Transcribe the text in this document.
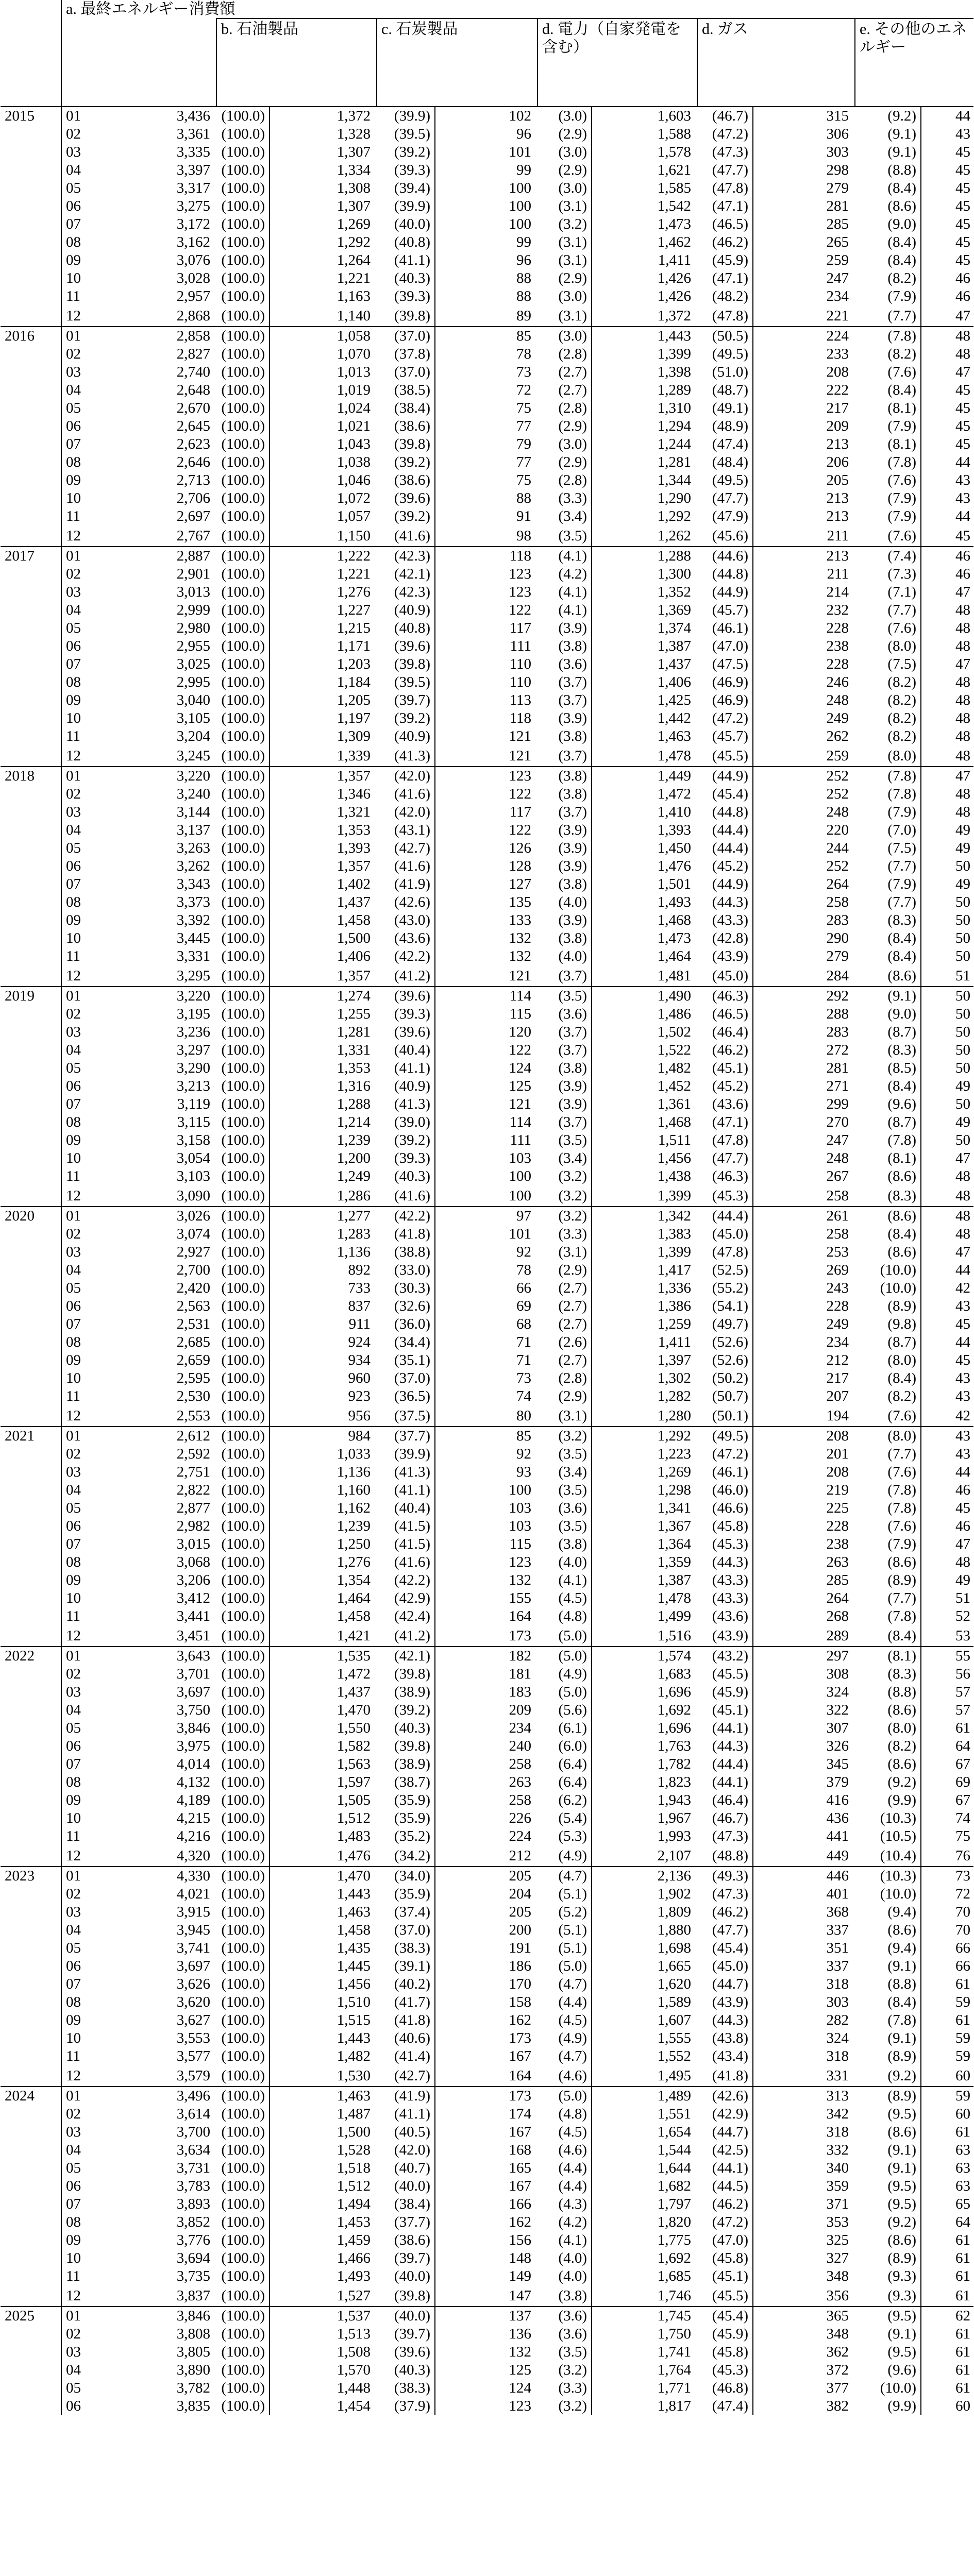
	a. 最終エネルギー消費額											
			b. 石油製品		c. 石炭製品		d. 電力（自家発電を含む）		d. ガス		e. その他のエネルギー	
2015	01	3,436	(100.0)	1,372	(39.9)	102	(3.0)	1,603	(46.7)	315	(9.2)	44
	02	3,361	(100.0)	1,328	(39.5)	96	(2.9)	1,588	(47.2)	306	(9.1)	43
	03	3,335	(100.0)	1,307	(39.2)	101	(3.0)	1,578	(47.3)	303	(9.1)	45
	04	3,397	(100.0)	1,334	(39.3)	99	(2.9)	1,621	(47.7)	298	(8.8)	45
	05	3,317	(100.0)	1,308	(39.4)	100	(3.0)	1,585	(47.8)	279	(8.4)	45
	06	3,275	(100.0)	1,307	(39.9)	100	(3.1)	1,542	(47.1)	281	(8.6)	45
	07	3,172	(100.0)	1,269	(40.0)	100	(3.2)	1,473	(46.5)	285	(9.0)	45
	08	3,162	(100.0)	1,292	(40.8)	99	(3.1)	1,462	(46.2)	265	(8.4)	45
	09	3,076	(100.0)	1,264	(41.1)	96	(3.1)	1,411	(45.9)	259	(8.4)	45
	10	3,028	(100.0)	1,221	(40.3)	88	(2.9)	1,426	(47.1)	247	(8.2)	46
	11	2,957	(100.0)	1,163	(39.3)	88	(3.0)	1,426	(48.2)	234	(7.9)	46
	12	2,868	(100.0)	1,140	(39.8)	89	(3.1)	1,372	(47.8)	221	(7.7)	47
2016	01	2,858	(100.0)	1,058	(37.0)	85	(3.0)	1,443	(50.5)	224	(7.8)	48
	02	2,827	(100.0)	1,070	(37.8)	78	(2.8)	1,399	(49.5)	233	(8.2)	48
	03	2,740	(100.0)	1,013	(37.0)	73	(2.7)	1,398	(51.0)	208	(7.6)	47
	04	2,648	(100.0)	1,019	(38.5)	72	(2.7)	1,289	(48.7)	222	(8.4)	45
	05	2,670	(100.0)	1,024	(38.4)	75	(2.8)	1,310	(49.1)	217	(8.1)	45
	06	2,645	(100.0)	1,021	(38.6)	77	(2.9)	1,294	(48.9)	209	(7.9)	45
	07	2,623	(100.0)	1,043	(39.8)	79	(3.0)	1,244	(47.4)	213	(8.1)	45
	08	2,646	(100.0)	1,038	(39.2)	77	(2.9)	1,281	(48.4)	206	(7.8)	44
	09	2,713	(100.0)	1,046	(38.6)	75	(2.8)	1,344	(49.5)	205	(7.6)	43
	10	2,706	(100.0)	1,072	(39.6)	88	(3.3)	1,290	(47.7)	213	(7.9)	43
	11	2,697	(100.0)	1,057	(39.2)	91	(3.4)	1,292	(47.9)	213	(7.9)	44
	12	2,767	(100.0)	1,150	(41.6)	98	(3.5)	1,262	(45.6)	211	(7.6)	45
2017	01	2,887	(100.0)	1,222	(42.3)	118	(4.1)	1,288	(44.6)	213	(7.4)	46
	02	2,901	(100.0)	1,221	(42.1)	123	(4.2)	1,300	(44.8)	211	(7.3)	46
	03	3,013	(100.0)	1,276	(42.3)	123	(4.1)	1,352	(44.9)	214	(7.1)	47
	04	2,999	(100.0)	1,227	(40.9)	122	(4.1)	1,369	(45.7)	232	(7.7)	48
	05	2,980	(100.0)	1,215	(40.8)	117	(3.9)	1,374	(46.1)	228	(7.6)	48
	06	2,955	(100.0)	1,171	(39.6)	111	(3.8)	1,387	(47.0)	238	(8.0)	48
	07	3,025	(100.0)	1,203	(39.8)	110	(3.6)	1,437	(47.5)	228	(7.5)	47
	08	2,995	(100.0)	1,184	(39.5)	110	(3.7)	1,406	(46.9)	246	(8.2)	48
	09	3,040	(100.0)	1,205	(39.7)	113	(3.7)	1,425	(46.9)	248	(8.2)	48
	10	3,105	(100.0)	1,197	(39.2)	118	(3.9)	1,442	(47.2)	249	(8.2)	48
	11	3,204	(100.0)	1,309	(40.9)	121	(3.8)	1,463	(45.7)	262	(8.2)	48
	12	3,245	(100.0)	1,339	(41.3)	121	(3.7)	1,478	(45.5)	259	(8.0)	48
2018	01	3,220	(100.0)	1,357	(42.0)	123	(3.8)	1,449	(44.9)	252	(7.8)	47
	02	3,240	(100.0)	1,346	(41.6)	122	(3.8)	1,472	(45.4)	252	(7.8)	48
	03	3,144	(100.0)	1,321	(42.0)	117	(3.7)	1,410	(44.8)	248	(7.9)	48
	04	3,137	(100.0)	1,353	(43.1)	122	(3.9)	1,393	(44.4)	220	(7.0)	49
	05	3,263	(100.0)	1,393	(42.7)	126	(3.9)	1,450	(44.4)	244	(7.5)	49
	06	3,262	(100.0)	1,357	(41.6)	128	(3.9)	1,476	(45.2)	252	(7.7)	50
	07	3,343	(100.0)	1,402	(41.9)	127	(3.8)	1,501	(44.9)	264	(7.9)	49
	08	3,373	(100.0)	1,437	(42.6)	135	(4.0)	1,493	(44.3)	258	(7.7)	50
	09	3,392	(100.0)	1,458	(43.0)	133	(3.9)	1,468	(43.3)	283	(8.3)	50
	10	3,445	(100.0)	1,500	(43.6)	132	(3.8)	1,473	(42.8)	290	(8.4)	50
	11	3,331	(100.0)	1,406	(42.2)	132	(4.0)	1,464	(43.9)	279	(8.4)	50
	12	3,295	(100.0)	1,357	(41.2)	121	(3.7)	1,481	(45.0)	284	(8.6)	51
2019	01	3,220	(100.0)	1,274	(39.6)	114	(3.5)	1,490	(46.3)	292	(9.1)	50
	02	3,195	(100.0)	1,255	(39.3)	115	(3.6)	1,486	(46.5)	288	(9.0)	50
	03	3,236	(100.0)	1,281	(39.6)	120	(3.7)	1,502	(46.4)	283	(8.7)	50
	04	3,297	(100.0)	1,331	(40.4)	122	(3.7)	1,522	(46.2)	272	(8.3)	50
	05	3,290	(100.0)	1,353	(41.1)	124	(3.8)	1,482	(45.1)	281	(8.5)	50
	06	3,213	(100.0)	1,316	(40.9)	125	(3.9)	1,452	(45.2)	271	(8.4)	49
	07	3,119	(100.0)	1,288	(41.3)	121	(3.9)	1,361	(43.6)	299	(9.6)	50
	08	3,115	(100.0)	1,214	(39.0)	114	(3.7)	1,468	(47.1)	270	(8.7)	49
	09	3,158	(100.0)	1,239	(39.2)	111	(3.5)	1,511	(47.8)	247	(7.8)	50
	10	3,054	(100.0)	1,200	(39.3)	103	(3.4)	1,456	(47.7)	248	(8.1)	47
	11	3,103	(100.0)	1,249	(40.3)	100	(3.2)	1,438	(46.3)	267	(8.6)	48
	12	3,090	(100.0)	1,286	(41.6)	100	(3.2)	1,399	(45.3)	258	(8.3)	48
2020	01	3,026	(100.0)	1,277	(42.2)	97	(3.2)	1,342	(44.4)	261	(8.6)	48
	02	3,074	(100.0)	1,283	(41.8)	101	(3.3)	1,383	(45.0)	258	(8.4)	48
	03	2,927	(100.0)	1,136	(38.8)	92	(3.1)	1,399	(47.8)	253	(8.6)	47
	04	2,700	(100.0)	892	(33.0)	78	(2.9)	1,417	(52.5)	269	(10.0)	44
	05	2,420	(100.0)	733	(30.3)	66	(2.7)	1,336	(55.2)	243	(10.0)	42
	06	2,563	(100.0)	837	(32.6)	69	(2.7)	1,386	(54.1)	228	(8.9)	43
	07	2,531	(100.0)	911	(36.0)	68	(2.7)	1,259	(49.7)	249	(9.8)	45
	08	2,685	(100.0)	924	(34.4)	71	(2.6)	1,411	(52.6)	234	(8.7)	44
	09	2,659	(100.0)	934	(35.1)	71	(2.7)	1,397	(52.6)	212	(8.0)	45
	10	2,595	(100.0)	960	(37.0)	73	(2.8)	1,302	(50.2)	217	(8.4)	43
	11	2,530	(100.0)	923	(36.5)	74	(2.9)	1,282	(50.7)	207	(8.2)	43
	12	2,553	(100.0)	956	(37.5)	80	(3.1)	1,280	(50.1)	194	(7.6)	42
2021	01	2,612	(100.0)	984	(37.7)	85	(3.2)	1,292	(49.5)	208	(8.0)	43
	02	2,592	(100.0)	1,033	(39.9)	92	(3.5)	1,223	(47.2)	201	(7.7)	43
	03	2,751	(100.0)	1,136	(41.3)	93	(3.4)	1,269	(46.1)	208	(7.6)	44
	04	2,822	(100.0)	1,160	(41.1)	100	(3.5)	1,298	(46.0)	219	(7.8)	46
	05	2,877	(100.0)	1,162	(40.4)	103	(3.6)	1,341	(46.6)	225	(7.8)	45
	06	2,982	(100.0)	1,239	(41.5)	103	(3.5)	1,367	(45.8)	228	(7.6)	46
	07	3,015	(100.0)	1,250	(41.5)	115	(3.8)	1,364	(45.3)	238	(7.9)	47
	08	3,068	(100.0)	1,276	(41.6)	123	(4.0)	1,359	(44.3)	263	(8.6)	48
	09	3,206	(100.0)	1,354	(42.2)	132	(4.1)	1,387	(43.3)	285	(8.9)	49
	10	3,412	(100.0)	1,464	(42.9)	155	(4.5)	1,478	(43.3)	264	(7.7)	51
	11	3,441	(100.0)	1,458	(42.4)	164	(4.8)	1,499	(43.6)	268	(7.8)	52
	12	3,451	(100.0)	1,421	(41.2)	173	(5.0)	1,516	(43.9)	289	(8.4)	53
2022	01	3,643	(100.0)	1,535	(42.1)	182	(5.0)	1,574	(43.2)	297	(8.1)	55
	02	3,701	(100.0)	1,472	(39.8)	181	(4.9)	1,683	(45.5)	308	(8.3)	56
	03	3,697	(100.0)	1,437	(38.9)	183	(5.0)	1,696	(45.9)	324	(8.8)	57
	04	3,750	(100.0)	1,470	(39.2)	209	(5.6)	1,692	(45.1)	322	(8.6)	57
	05	3,846	(100.0)	1,550	(40.3)	234	(6.1)	1,696	(44.1)	307	(8.0)	61
	06	3,975	(100.0)	1,582	(39.8)	240	(6.0)	1,763	(44.3)	326	(8.2)	64
	07	4,014	(100.0)	1,563	(38.9)	258	(6.4)	1,782	(44.4)	345	(8.6)	67
	08	4,132	(100.0)	1,597	(38.7)	263	(6.4)	1,823	(44.1)	379	(9.2)	69
	09	4,189	(100.0)	1,505	(35.9)	258	(6.2)	1,943	(46.4)	416	(9.9)	67
	10	4,215	(100.0)	1,512	(35.9)	226	(5.4)	1,967	(46.7)	436	(10.3)	74
	11	4,216	(100.0)	1,483	(35.2)	224	(5.3)	1,993	(47.3)	441	(10.5)	75
	12	4,320	(100.0)	1,476	(34.2)	212	(4.9)	2,107	(48.8)	449	(10.4)	76
2023	01	4,330	(100.0)	1,470	(34.0)	205	(4.7)	2,136	(49.3)	446	(10.3)	73
	02	4,021	(100.0)	1,443	(35.9)	204	(5.1)	1,902	(47.3)	401	(10.0)	72
	03	3,915	(100.0)	1,463	(37.4)	205	(5.2)	1,809	(46.2)	368	(9.4)	70
	04	3,945	(100.0)	1,458	(37.0)	200	(5.1)	1,880	(47.7)	337	(8.6)	70
	05	3,741	(100.0)	1,435	(38.3)	191	(5.1)	1,698	(45.4)	351	(9.4)	66
	06	3,697	(100.0)	1,445	(39.1)	186	(5.0)	1,665	(45.0)	337	(9.1)	66
	07	3,626	(100.0)	1,456	(40.2)	170	(4.7)	1,620	(44.7)	318	(8.8)	61
	08	3,620	(100.0)	1,510	(41.7)	158	(4.4)	1,589	(43.9)	303	(8.4)	59
	09	3,627	(100.0)	1,515	(41.8)	162	(4.5)	1,607	(44.3)	282	(7.8)	61
	10	3,553	(100.0)	1,443	(40.6)	173	(4.9)	1,555	(43.8)	324	(9.1)	59
	11	3,577	(100.0)	1,482	(41.4)	167	(4.7)	1,552	(43.4)	318	(8.9)	59
	12	3,579	(100.0)	1,530	(42.7)	164	(4.6)	1,495	(41.8)	331	(9.2)	60
2024	01	3,496	(100.0)	1,463	(41.9)	173	(5.0)	1,489	(42.6)	313	(8.9)	59
	02	3,614	(100.0)	1,487	(41.1)	174	(4.8)	1,551	(42.9)	342	(9.5)	60
	03	3,700	(100.0)	1,500	(40.5)	167	(4.5)	1,654	(44.7)	318	(8.6)	61
	04	3,634	(100.0)	1,528	(42.0)	168	(4.6)	1,544	(42.5)	332	(9.1)	63
	05	3,731	(100.0)	1,518	(40.7)	165	(4.4)	1,644	(44.1)	340	(9.1)	63
	06	3,783	(100.0)	1,512	(40.0)	167	(4.4)	1,682	(44.5)	359	(9.5)	63
	07	3,893	(100.0)	1,494	(38.4)	166	(4.3)	1,797	(46.2)	371	(9.5)	65
	08	3,852	(100.0)	1,453	(37.7)	162	(4.2)	1,820	(47.2)	353	(9.2)	64
	09	3,776	(100.0)	1,459	(38.6)	156	(4.1)	1,775	(47.0)	325	(8.6)	61
	10	3,694	(100.0)	1,466	(39.7)	148	(4.0)	1,692	(45.8)	327	(8.9)	61
	11	3,735	(100.0)	1,493	(40.0)	149	(4.0)	1,685	(45.1)	348	(9.3)	61
	12	3,837	(100.0)	1,527	(39.8)	147	(3.8)	1,746	(45.5)	356	(9.3)	61
2025	01	3,846	(100.0)	1,537	(40.0)	137	(3.6)	1,745	(45.4)	365	(9.5)	62
	02	3,808	(100.0)	1,513	(39.7)	136	(3.6)	1,750	(45.9)	348	(9.1)	61
	03	3,805	(100.0)	1,508	(39.6)	132	(3.5)	1,741	(45.8)	362	(9.5)	61
	04	3,890	(100.0)	1,570	(40.3)	125	(3.2)	1,764	(45.3)	372	(9.6)	61
	05	3,782	(100.0)	1,448	(38.3)	124	(3.3)	1,771	(46.8)	377	(10.0)	61
	06	3,835	(100.0)	1,454	(37.9)	123	(3.2)	1,817	(47.4)	382	(9.9)	60
